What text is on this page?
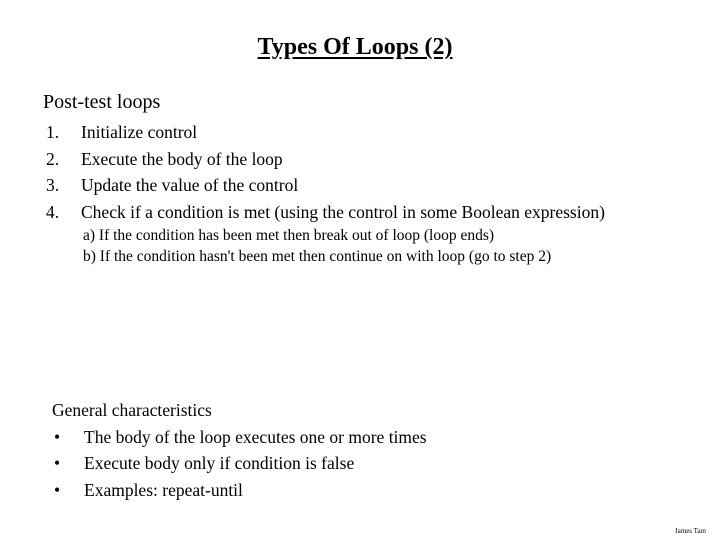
Types Of Loops (2)
Post-test loops
1.	Initialize control
2.	Execute the body of the loop
3.	Update the value of the control
4.	Check if a condition is met (using the control in some Boolean expression)
a) If the condition has been met then break out of loop (loop ends)
b) If the condition hasn't been met then continue on with loop (go to step 2)
General characteristics
•	The body of the loop executes one or more times
•	Execute body only if condition is false
•	Examples: repeat-until
James Tam
